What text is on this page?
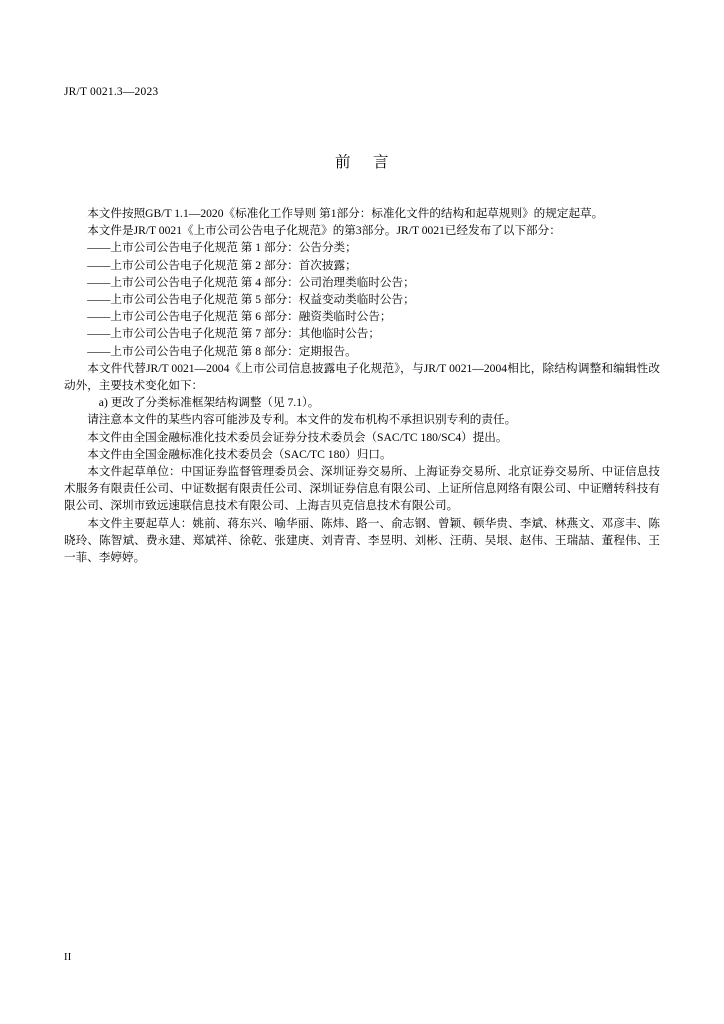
JR/T 0021.3—2023
前 言

本文件按照GB/T 1.1—2020《标准化工作导则 第1部分：标准化文件的结构和起草规则》的规定起草。

本文件是JR/T 0021《上市公司公告电子化规范》的第3部分。JR/T 0021已经发布了以下部分：

——上市公司公告电子化规范 第 1 部分：公告分类；

——上市公司公告电子化规范 第 2 部分：首次披露；

——上市公司公告电子化规范 第 4 部分：公司治理类临时公告；

——上市公司公告电子化规范 第 5 部分：权益变动类临时公告；

——上市公司公告电子化规范 第 6 部分：融资类临时公告；

——上市公司公告电子化规范 第 7 部分：其他临时公告；

——上市公司公告电子化规范 第 8 部分：定期报告。

本文件代替JR/T 0021—2004《上市公司信息披露电子化规范》，与JR/T 0021—2004相比，除结构调整和编辑性改动外，主要技术变化如下：

a) 更改了分类标准框架结构调整（见 7.1）。

请注意本文件的某些内容可能涉及专利。本文件的发布机构不承担识别专利的责任。

本文件由全国金融标准化技术委员会证券分技术委员会（SAC/TC 180/SC4）提出。

本文件由全国金融标准化技术委员会（SAC/TC 180）归口。

本文件起草单位：中国证券监督管理委员会、深圳证券交易所、上海证券交易所、北京证券交易所、中证信息技术服务有限责任公司、中证数据有限责任公司、深圳证券信息有限公司、上证所信息网络有限公司、中证赠转科技有限公司、深圳市致远速联信息技术有限公司、上海吉贝克信息技术有限公司。

本文件主要起草人：姚前、蒋东兴、喻华丽、陈炜、路一、俞志钢、曾颖、顿华贵、李斌、林燕文、邓彦丰、陈晓玲、陈智斌、费永建、郑斌祥、徐乾、张建庚、刘青青、李昱明、刘彬、汪萌、吴垠、赵伟、王瑞喆、董程伟、王一菲、李婷婷。

II
